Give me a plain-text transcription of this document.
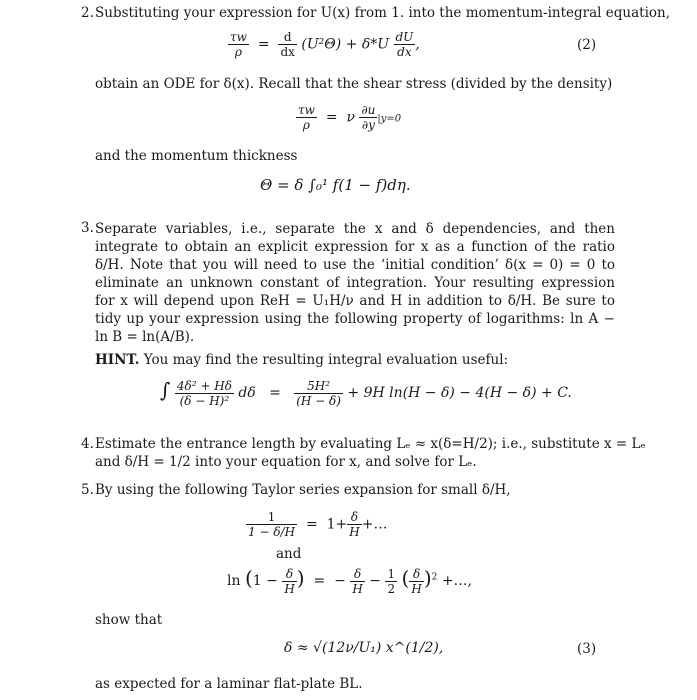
2. Substituting your expression for U(x) from 1. into the momentum-integral equation,
$\frac{\tau w}{\rho} = \frac{d}{dx} (U^2\Theta) + \delta*U \frac{dU}{dx}$ ,	(2)
obtain an ODE for δ(x). Recall that the shear stress (divided by the density)
$\frac{\tau w}{\rho} = \nu \frac{\partial u}{\partial y} |y=0$
and the momentum thickness
Θ = δ ∫₀¹ f(1 − f)dη.
3. Separate variables, i.e., separate the x and δ dependencies, and then integrate to obtain an explicit expression for x as a function of the ratio δ/H. Note that you will need to use the ‘initial condition’ δ(x = 0) = 0 to eliminate an unknown constant of integration. Your resulting expression for x will depend upon ReH = U₁H/ν and H in addition to δ/H. Be sure to tidy up your expression using the following property of logarithms: ln A − ln B = ln(A/B).
HINT. You may find the resulting integral evaluation useful:
∫ $\frac{\text{4δ² + Hδ}}{\text{(δ − H)²}}$ $d\delta = \frac{\text{5H²}}{(H - \delta)} + 9H$ ln(H − δ) − 4(H − δ) + C.
4. Estimate the entrance length by evaluating Lₑ ≈ x(δ=H/2); i.e., substitute x = Lₑ
and δ/H = 1/2 into your equation for x, and solve for Lₑ.
5. By using the following Taylor series expansion for small δ/H,
$\frac{1}{1 - \delta/H} = 1+ \frac{\delta}{H}$ +…
and
$\ln (1 - \frac{\delta}{H}$ )  =  − $\frac{\delta}{H} - \frac{1}{2}$ ( $\frac{\delta}{H} )^2$ +…,
show that
δ ≈ √(12ν/U₁) x^(1/2),	(3)
as expected for a laminar flat-plate BL.
